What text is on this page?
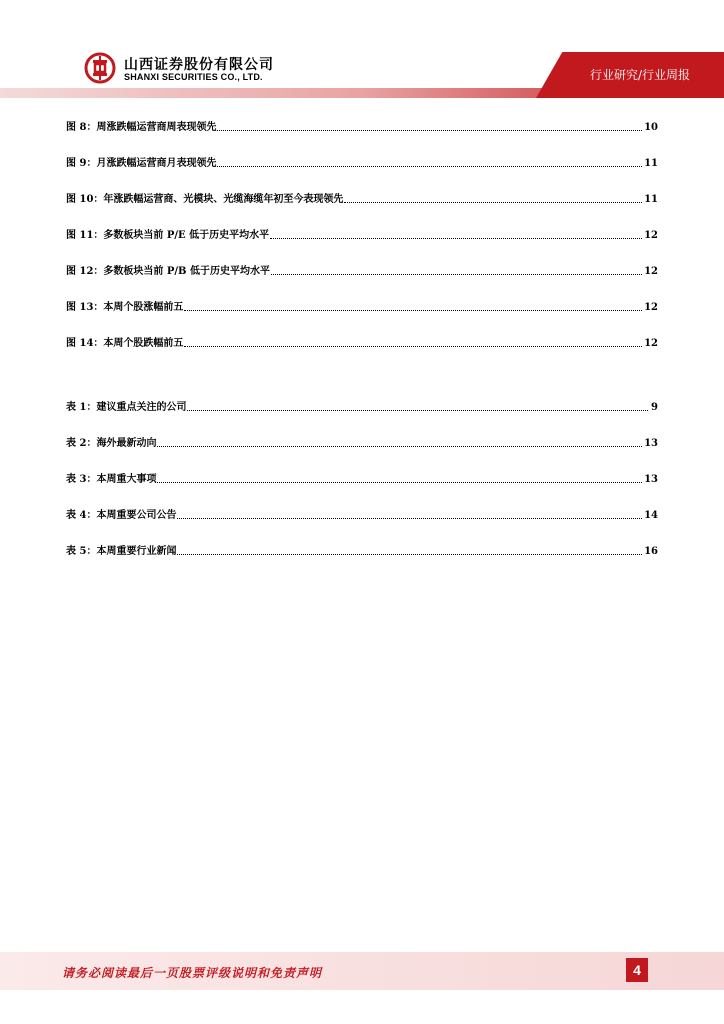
山西证券股份有限公司
SHANXI SECURITIES CO., LTD.	行业研究/行业周报
图 8： 周涨跌幅运营商周表现领先	10
图 9： 月涨跌幅运营商月表现领先	11
图 10： 年涨跌幅运营商、光模块、光缆海缆年初至今表现领先	11
图 11： 多数板块当前 P/E 低于历史平均水平	12
图 12： 多数板块当前 P/B 低于历史平均水平	12
图 13： 本周个股涨幅前五	12
图 14： 本周个股跌幅前五	12
表 1： 建议重点关注的公司	9
表 2： 海外最新动向	13
表 3： 本周重大事项	13
表 4： 本周重要公司公告	14
表 5： 本周重要行业新闻	16
请务必阅读最后一页股票评级说明和免责声明	4
